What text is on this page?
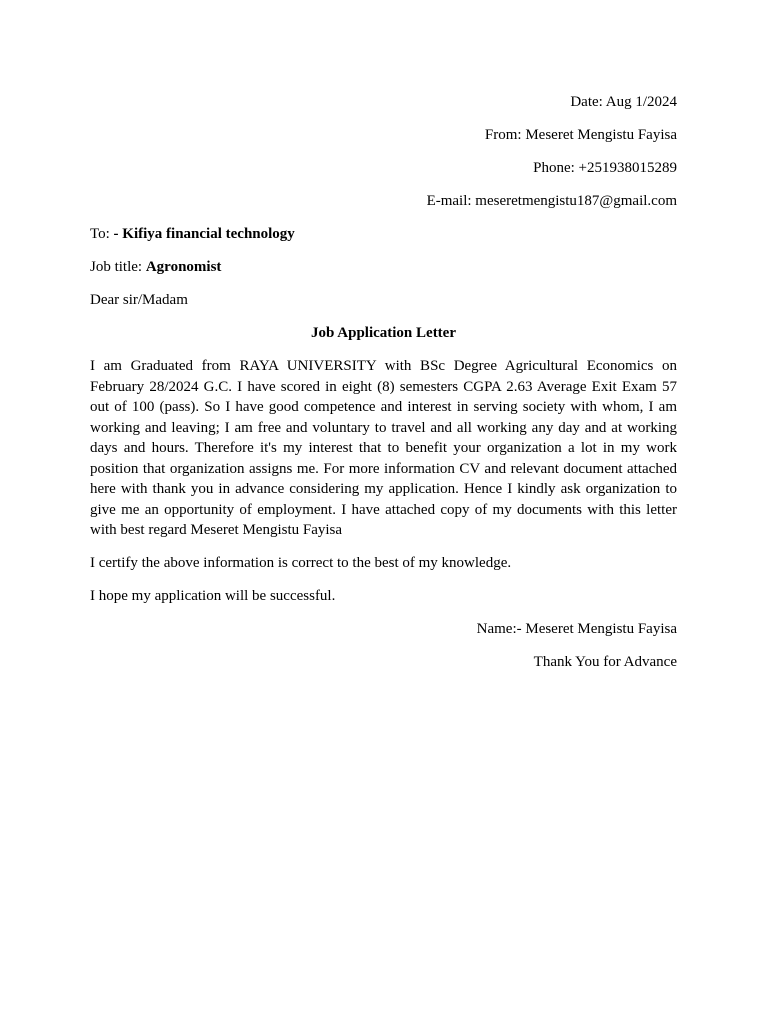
Date: Aug 1/2024
From: Meseret Mengistu Fayisa
Phone: +251938015289
E-mail: meseretmengistu187@gmail.com
To: - Kifiya financial technology
Job title: Agronomist
Dear sir/Madam
Job Application Letter
I am Graduated from RAYA UNIVERSITY with BSc Degree Agricultural Economics on February 28/2024 G.C. I have scored in eight (8) semesters CGPA 2.63 Average Exit Exam 57 out of 100 (pass). So I have good competence and interest in serving society with whom, I am working and leaving; I am free and voluntary to travel and all working any day and at working days and hours. Therefore it's my interest that to benefit your organization a lot in my work position that organization assigns me. For more information CV and relevant document attached here with thank you in advance considering my application. Hence I kindly ask organization to give me an opportunity of employment. I have attached copy of my documents with this letter with best regard Meseret Mengistu Fayisa
I certify the above information is correct to the best of my knowledge.
I hope my application will be successful.
Name:- Meseret Mengistu Fayisa
Thank You for Advance
